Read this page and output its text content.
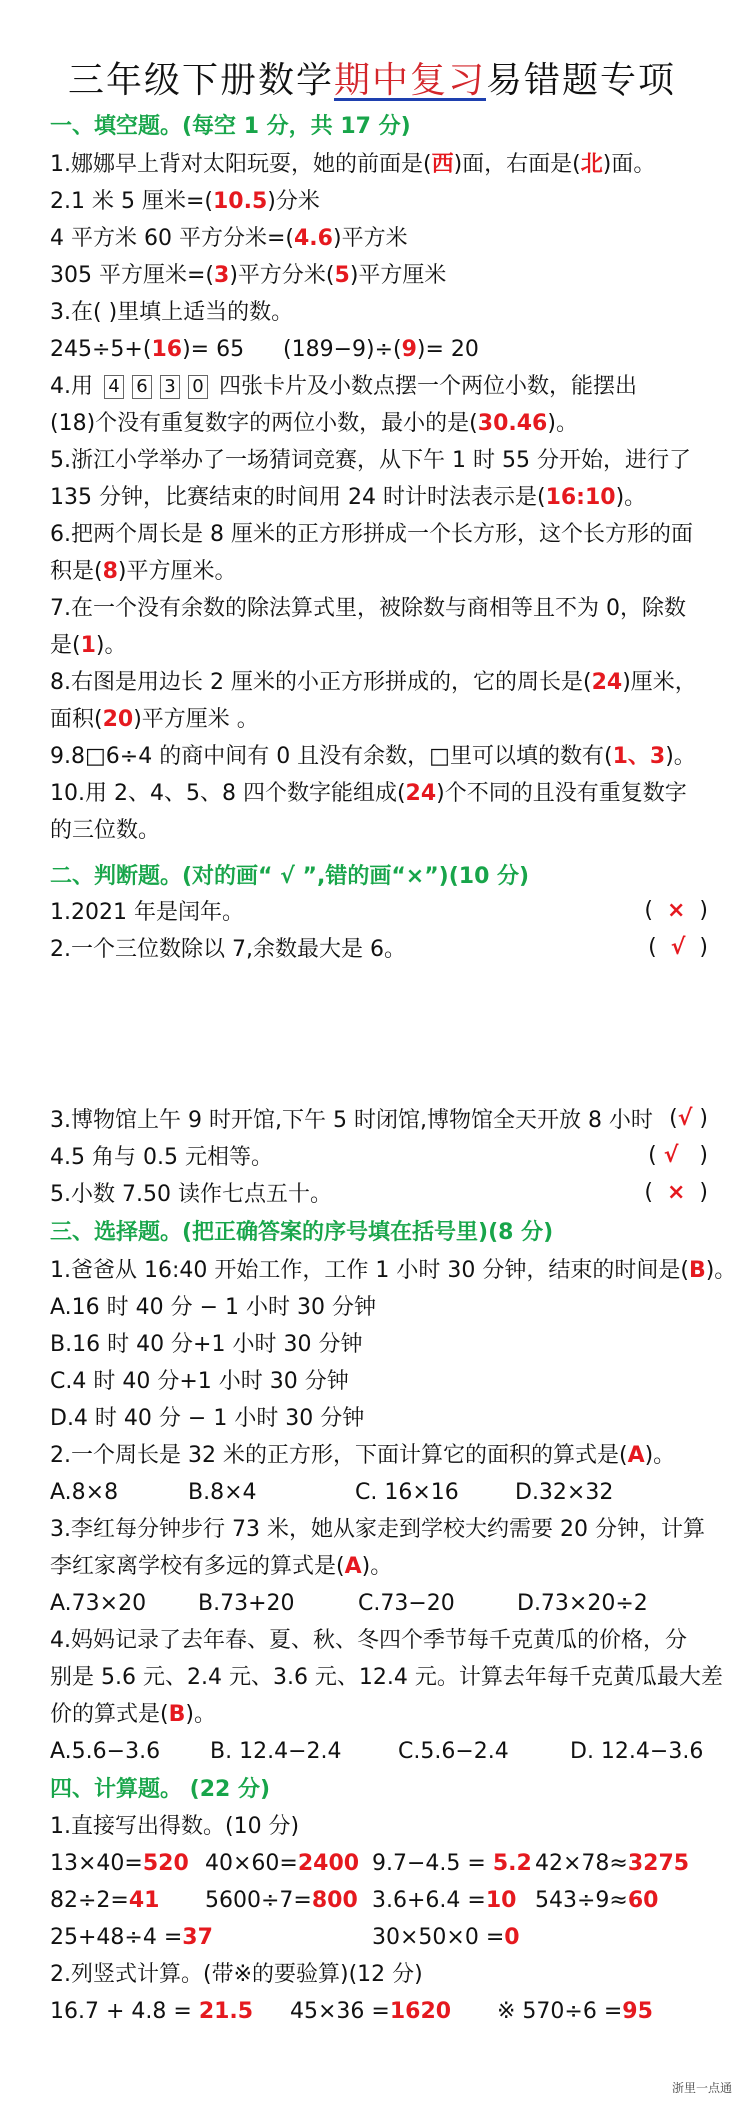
三年级下册数学期中复习易错题专项
一、填空题。(每空 1 分，共 17 分)
1.娜娜早上背对太阳玩耍，她的前面是(西)面，右面是(北)面。
2.1 米 5 厘米=(10.5)分米
4 平方米 60 平方分米=(4.6)平方米
305 平方厘米=(3)平方分米(5)平方厘米
3.在( )里填上适当的数。
245÷5+(16)= 65 (189−9)÷(9)= 20
4.用 4 6 3 0 四张卡片及小数点摆一个两位小数，能摆出
(18)个没有重复数字的两位小数，最小的是(30.46)。
5.浙江小学举办了一场猜词竞赛，从下午 1 时 55 分开始，进行了
135 分钟，比赛结束的时间用 24 时计时法表示是(16:10)。
6.把两个周长是 8 厘米的正方形拼成一个长方形，这个长方形的面
积是(8)平方厘米。
7.在一个没有余数的除法算式里，被除数与商相等且不为 0，除数
是(1)。
8.右图是用边长 2 厘米的小正方形拼成的，它的周长是(24)厘米，
面积(20)平方厘米 。
9.8□6÷4 的商中间有 0 且没有余数，□里可以填的数有(1、3)。
10.用 2、4、5、8 四个数字能组成(24)个不同的且没有重复数字
的三位数。
二、判断题。(对的画“ √ ”,错的画“×”)(10 分)
1.2021 年是闰年。	(  ×  )
2.一个三位数除以 7,余数最大是 6。	(  √  )
3.博物馆上午 9 时开馆,下午 5 时闭馆,博物馆全天开放 8 小时 (√ )
4.5 角与 0.5 元相等。	( √   )
5.小数 7.50 读作七点五十。	(  ×  )
三、选择题。(把正确答案的序号填在括号里)(8 分)
1.爸爸从 16:40 开始工作，工作 1 小时 30 分钟，结束的时间是(B)。
A.16 时 40 分 − 1 小时 30 分钟
B.16 时 40 分+1 小时 30 分钟
C.4 时 40 分+1 小时 30 分钟
D.4 时 40 分 − 1 小时 30 分钟
2.一个周长是 32 米的正方形，下面计算它的面积的算式是(A)。
A.8×8	B.8×4	C. 16×16	D.32×32
3.李红每分钟步行 73 米，她从家走到学校大约需要 20 分钟，计算
李红家离学校有多远的算式是(A)。
A.73×20 B.73+20	C.73−20	D.73×20÷2
4.妈妈记录了去年春、夏、秋、冬四个季节每千克黄瓜的价格，分
别是 5.6 元、2.4 元、3.6 元、12.4 元。计算去年每千克黄瓜最大差
价的算式是(B)。
A.5.6−3.6 B. 12.4−2.4	C.5.6−2.4	D. 12.4−3.6
四、计算题。 (22 分)
1.直接写出得数。(10 分)
13×40=520 40×60=2400 9.7−4.5 = 5.2 42×78≈3275
82÷2=41 5600÷7=800 3.6+6.4 =10 543÷9≈60
25+48÷4 =37	30×50×0 =0
2.列竖式计算。(带※的要验算)(12 分)
16.7 + 4.8 = 21.5 45×36 =1620 ※ 570÷6 =95
浙里一点通
